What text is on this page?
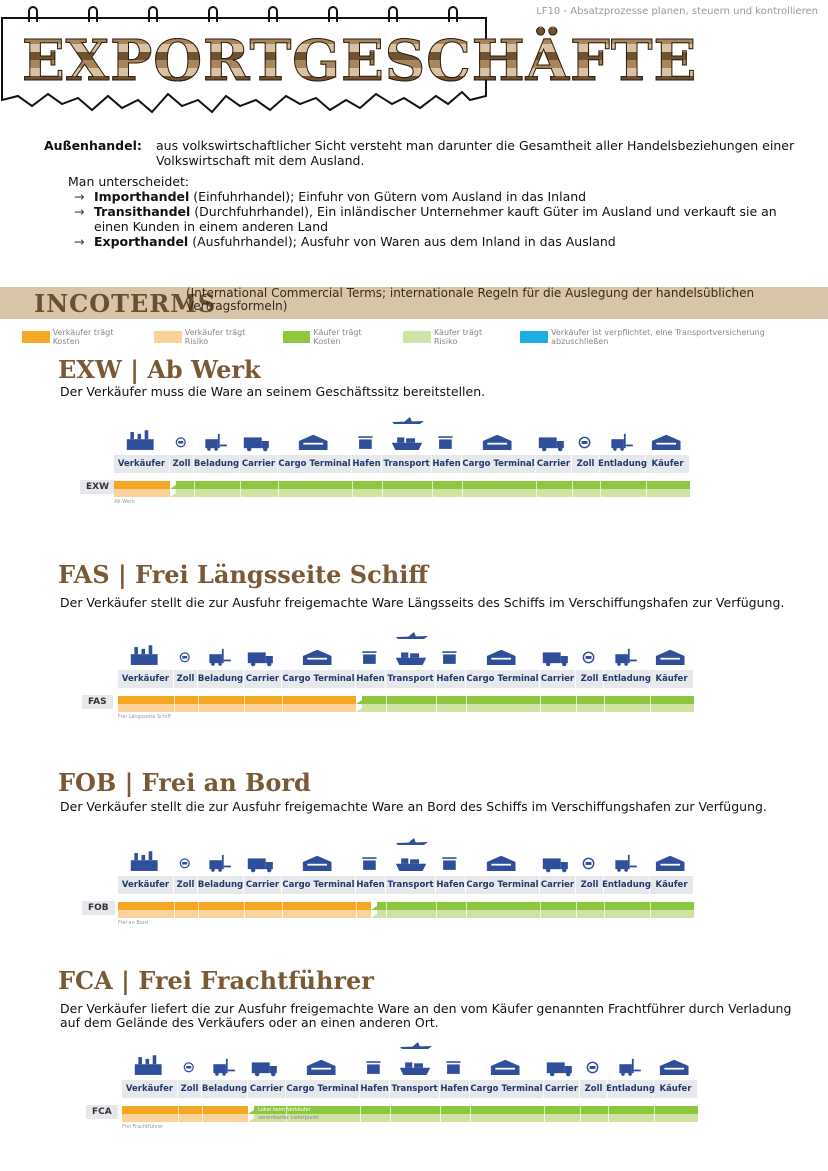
EXPORTGESCHÄFTE
LF10 - Absatzprozesse planen, steuern und kontrollieren
Außenhandel:	aus volkswirtschaftlicher Sicht versteht man darunter die Gesamtheit aller Handelsbeziehungen einer Volkswirtschaft mit dem Ausland.
Man unterscheidet:
→ Importhandel (Einfuhrhandel); Einfuhr von Gütern vom Ausland in das Inland
→ Transithandel (Durchfuhrhandel), Ein inländischer Unternehmer kauft Güter im Ausland und verkauft sie an einen Kunden in einem anderen Land
→ Exporthandel (Ausfuhrhandel); Ausfuhr von Waren aus dem Inland in das Ausland
INCOTERMS
(International Commercial Terms; internationale Regeln für die Auslegung der handelsüblichen Vertragsformeln)
Verkäufer trägt Kosten
Verkäufer trägt Risiko
Käufer trägt Kosten
Käufer trägt Risiko
Verkäufer ist verpflichtet, eine Transportversicherung abzuschließen
EXW | Ab Werk
Der Verkäufer muss die Ware an seinem Geschäftssitz bereitstellen.
Verkäufer Zoll Beladung Carrier Cargo Terminal Hafen Transport Hafen Cargo Terminal Carrier Zoll Entladung Käufer
EXW
Ab Werk
FAS | Frei Längsseite Schiff
Der Verkäufer stellt die zur Ausfuhr freigemachte Ware Längsseits des Schiffs im Verschiffungshafen zur Verfügung.
Verkäufer Zoll Beladung Carrier Cargo Terminal Hafen Transport Hafen Cargo Terminal Carrier Zoll Entladung Käufer
FAS
Frei Längsseite Schiff
FOB | Frei an Bord
Der Verkäufer stellt die zur Ausfuhr freigemachte Ware an Bord des Schiffs im Verschiffungshafen zur Verfügung.
Verkäufer Zoll Beladung Carrier Cargo Terminal Hafen Transport Hafen Cargo Terminal Carrier Zoll Entladung Käufer
FOB
Frei an Bord
FCA | Frei Frachtführer
Der Verkäufer liefert die zur Ausfuhr freigemachte Ware an den vom Käufer genannten Frachtführer durch Verladung auf dem Gelände des Verkäufers oder an einen anderen Ort.
Verkäufer Zoll Beladung Carrier Cargo Terminal Hafen Transport Hafen Cargo Terminal Carrier Zoll Entladung Käufer
FCA	Lokal beim Verkäufer
vereinbarter Lieferpunkt
Frei Frachtführer
